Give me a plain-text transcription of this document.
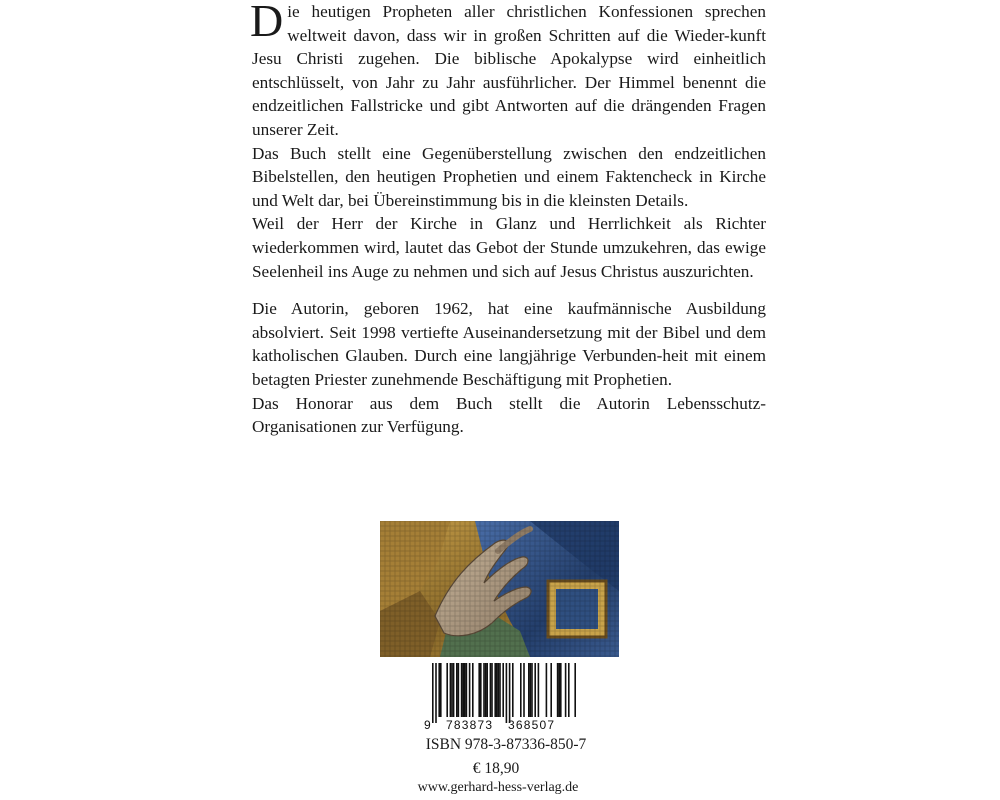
Die heutigen Propheten aller christlichen Konfessionen sprechen weltweit davon, dass wir in großen Schritten auf die Wieder-kunft Jesu Christi zugehen. Die biblische Apokalypse wird einheitlich entschlüsselt, von Jahr zu Jahr ausführlicher. Der Himmel benennt die endzeitlichen Fallstricke und gibt Antworten auf die drängenden Fragen unserer Zeit.

Das Buch stellt eine Gegenüberstellung zwischen den endzeitlichen Bibelstellen, den heutigen Prophetien und einem Faktencheck in Kirche und Welt dar, bei Übereinstimmung bis in die kleinsten Details.

Weil der Herr der Kirche in Glanz und Herrlichkeit als Richter wiederkommen wird, lautet das Gebot der Stunde umzukehren, das ewige Seelenheil ins Auge zu nehmen und sich auf Jesus Christus auszurichten.

Die Autorin, geboren 1962, hat eine kaufmännische Ausbildung absolviert. Seit 1998 vertiefte Auseinandersetzung mit der Bibel und dem katholischen Glauben. Durch eine langjährige Verbunden-heit mit einem betagten Priester zunehmende Beschäftigung mit Prophetien.

Das Honorar aus dem Buch stellt die Autorin Lebensschutz-Organisationen zur Verfügung.

9 783873 368507
ISBN 978-3-87336-850-7
€ 18,90
www.gerhard-hess-verlag.de
